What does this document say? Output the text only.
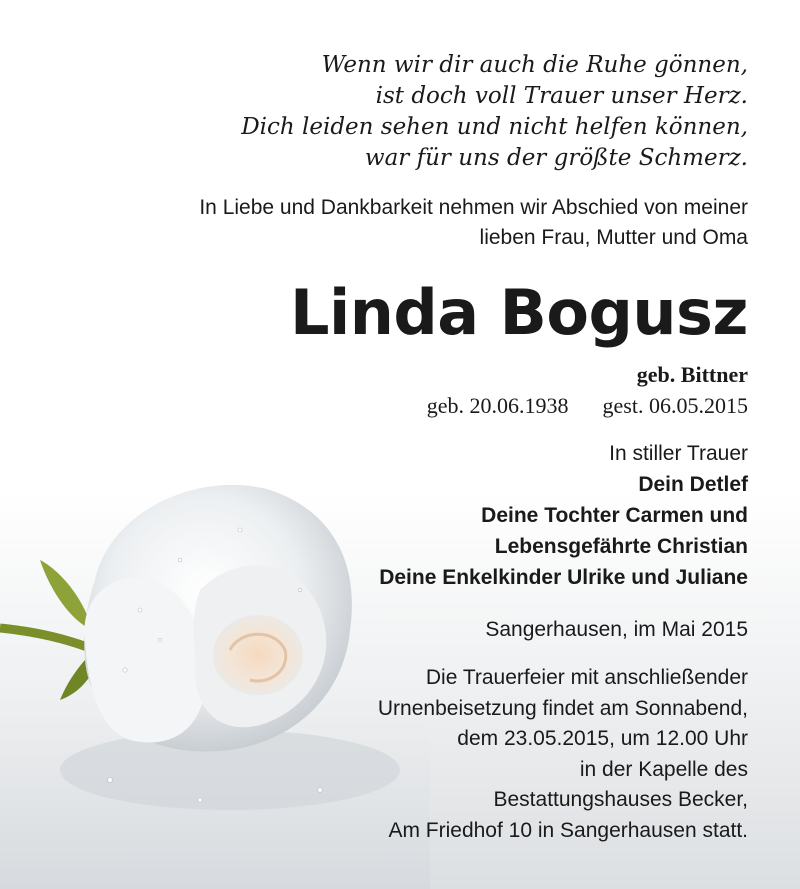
Wenn wir dir auch die Ruhe gönnen,
ist doch voll Trauer unser Herz.
Dich leiden sehen und nicht helfen können,
war für uns der größte Schmerz.
In Liebe und Dankbarkeit nehmen wir Abschied von meiner
lieben Frau, Mutter und Oma
Linda Bogusz
geb. Bittner
geb. 20.06.1938 gest. 06.05.2015
In stiller Trauer
Dein Detlef
Deine Tochter Carmen und
Lebensgefährte Christian
Deine Enkelkinder Ulrike und Juliane
Sangerhausen, im Mai 2015
Die Trauerfeier mit anschließender
Urnenbeisetzung findet am Sonnabend,
dem 23.05.2015, um 12.00 Uhr
in der Kapelle des
Bestattungshauses Becker,
Am Friedhof 10 in Sangerhausen statt.
